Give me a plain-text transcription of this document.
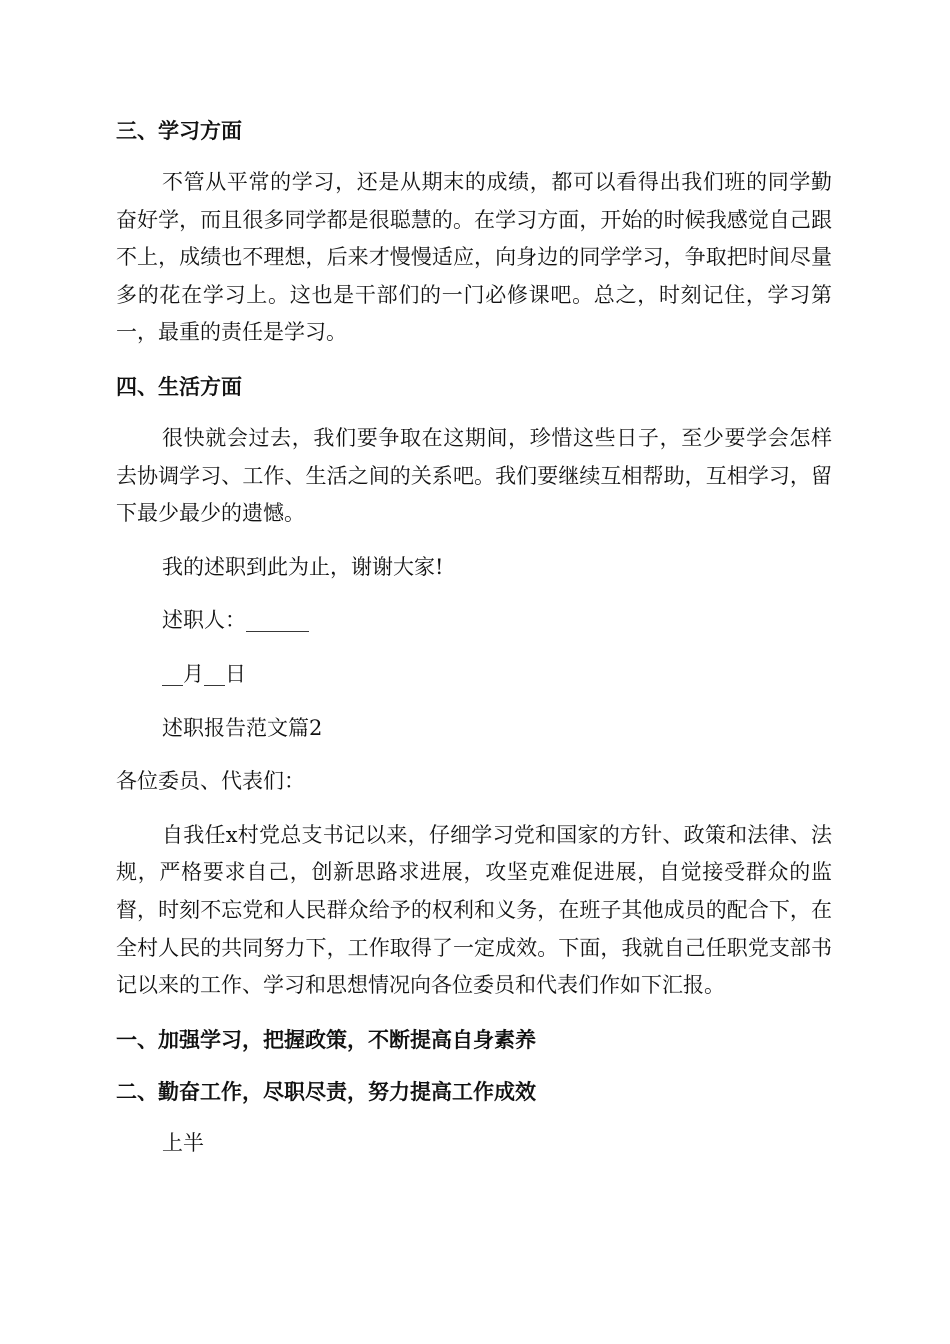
三、学习方面

不管从平常的学习，还是从期末的成绩，都可以看得出我们班的同学勤奋好学，而且很多同学都是很聪慧的。在学习方面，开始的时候我感觉自己跟不上，成绩也不理想，后来才慢慢适应，向身边的同学学习，争取把时间尽量多的花在学习上。这也是干部们的一门必修课吧。总之，时刻记住，学习第一，最重的责任是学习。

四、生活方面

很快就会过去，我们要争取在这期间，珍惜这些日子，至少要学会怎样去协调学习、工作、生活之间的关系吧。我们要继续互相帮助，互相学习，留下最少最少的遗憾。

我的述职到此为止，谢谢大家!

述职人：______

__月__日

述职报告范文篇2

各位委员、代表们：

自我任x村党总支书记以来，仔细学习党和国家的方针、政策和法律、法规，严格要求自己，创新思路求进展，攻坚克难促进展，自觉接受群众的监督，时刻不忘党和人民群众给予的权利和义务，在班子其他成员的配合下，在全村人民的共同努力下，工作取得了一定成效。下面，我就自己任职党支部书记以来的工作、学习和思想情况向各位委员和代表们作如下汇报。

一、加强学习，把握政策，不断提高自身素养

二、勤奋工作，尽职尽责，努力提高工作成效

上半
